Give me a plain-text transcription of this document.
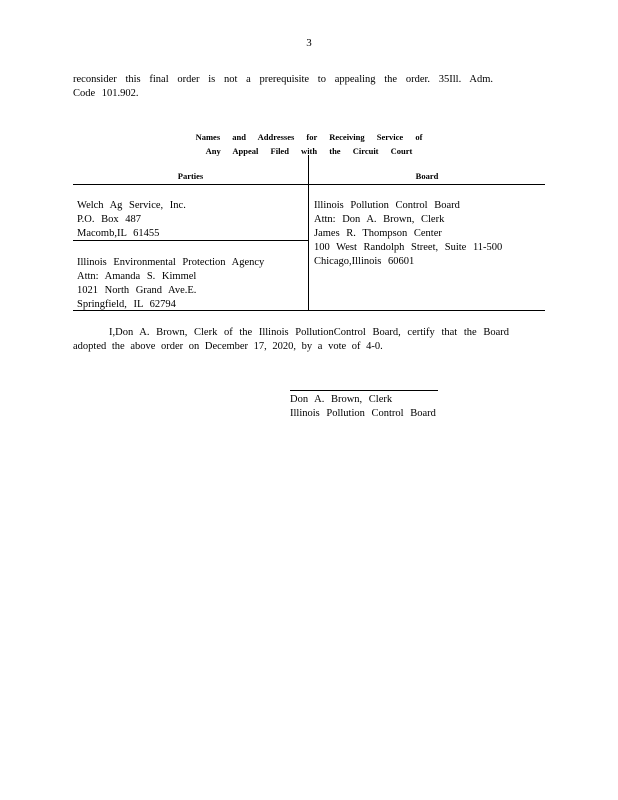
3
reconsider this final order is not a prerequisite to appealing the order. 35Ill. Adm. Code 101.902.
Names and Addresses for Receiving Service of
Any Appeal Filed with the Circuit Court
Parties	Board
Welch Ag Service, Inc.
P.O. Box 487
Macomb,IL 61455
Illinois Environmental Protection Agency
Attn: Amanda S. Kimmel
1021 North Grand Ave.E.
Springfield, IL 62794
Illinois Pollution Control Board
Attn: Don A. Brown, Clerk
James R. Thompson Center
100 West Randolph Street, Suite 11-500
Chicago,Illinois 60601
I,Don A. Brown, Clerk of the Illinois PollutionControl Board, certify that the Board adopted the above order on December 17, 2020, by a vote of 4-0.
Don A. Brown, Clerk
Illinois Pollution Control Board
